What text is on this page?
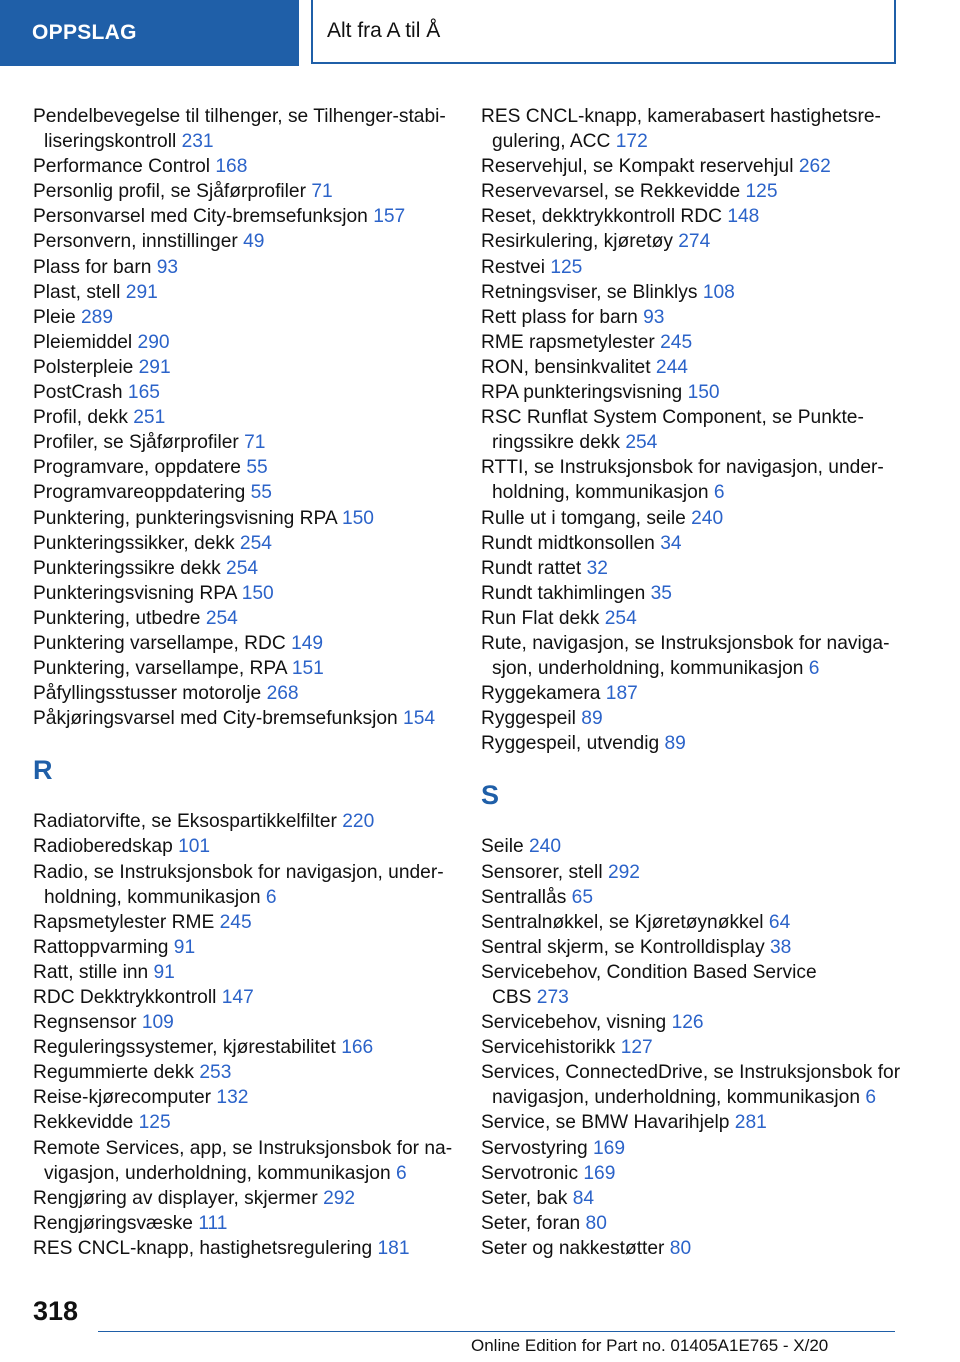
OPPSLAG	Alt fra A til Å

Pendelbevegelse til tilhenger, se Tilhenger-stabi-
liseringskontroll 231

Performance Control 168

Personlig profil, se Sjåførprofiler 71

Personvarsel med City-bremsefunksjon 157

Personvern, innstillinger 49

Plass for barn 93

Plast, stell 291

Pleie 289

Pleiemiddel 290

Polsterpleie 291

PostCrash 165

Profil, dekk 251

Profiler, se Sjåførprofiler 71

Programvare, oppdatere 55

Programvareoppdatering 55

Punktering, punkteringsvisning RPA 150

Punkteringssikker, dekk 254

Punkteringssikre dekk 254

Punkteringsvisning RPA 150

Punktering, utbedre 254

Punktering varsellampe, RDC 149

Punktering, varsellampe, RPA 151

Påfyllingsstusser motorolje 268

Påkjøringsvarsel med City-bremsefunksjon 154

R

Radiatorvifte, se Eksospartikkelfilter 220

Radioberedskap 101

Radio, se Instruksjonsbok for navigasjon, under-
holdning, kommunikasjon 6

Rapsmetylester RME 245

Rattoppvarming 91

Ratt, stille inn 91

RDC Dekktrykkontroll 147

Regnsensor 109

Reguleringssystemer, kjørestabilitet 166

Regummierte dekk 253

Reise-kjørecomputer 132

Rekkevidde 125

Remote Services, app, se Instruksjonsbok for na-
vigasjon, underholdning, kommunikasjon 6

Rengjøring av displayer, skjermer 292

Rengjøringsvæske 111

RES CNCL-knapp, hastighetsregulering 181

RES CNCL-knapp, kamerabasert hastighetsre-
gulering, ACC 172

Reservehjul, se Kompakt reservehjul 262

Reservevarsel, se Rekkevidde 125

Reset, dekktrykkontroll RDC 148

Resirkulering, kjøretøy 274

Restvei 125

Retningsviser, se Blinklys 108

Rett plass for barn 93

RME rapsmetylester 245

RON, bensinkvalitet 244

RPA punkteringsvisning 150

RSC Runflat System Component, se Punkte-
ringssikre dekk 254

RTTI, se Instruksjonsbok for navigasjon, under-
holdning, kommunikasjon 6

Rulle ut i tomgang, seile 240

Rundt midtkonsollen 34

Rundt rattet 32

Rundt takhimlingen 35

Run Flat dekk 254

Rute, navigasjon, se Instruksjonsbok for naviga-
sjon, underholdning, kommunikasjon 6

Ryggekamera 187

Ryggespeil 89

Ryggespeil, utvendig 89

S

Seile 240

Sensorer, stell 292

Sentrallås 65

Sentralnøkkel, se Kjøretøynøkkel 64

Sentral skjerm, se Kontrolldisplay 38

Servicebehov, Condition Based Service
CBS 273

Servicebehov, visning 126

Servicehistorikk 127

Services, ConnectedDrive, se Instruksjonsbok for
navigasjon, underholdning, kommunikasjon 6

Service, se BMW Havarihjelp 281

Servostyring 169

Servotronic 169

Seter, bak 84

Seter, foran 80

Seter og nakkestøtter 80

318
Online Edition for Part no. 01405A1E765 - X/20
